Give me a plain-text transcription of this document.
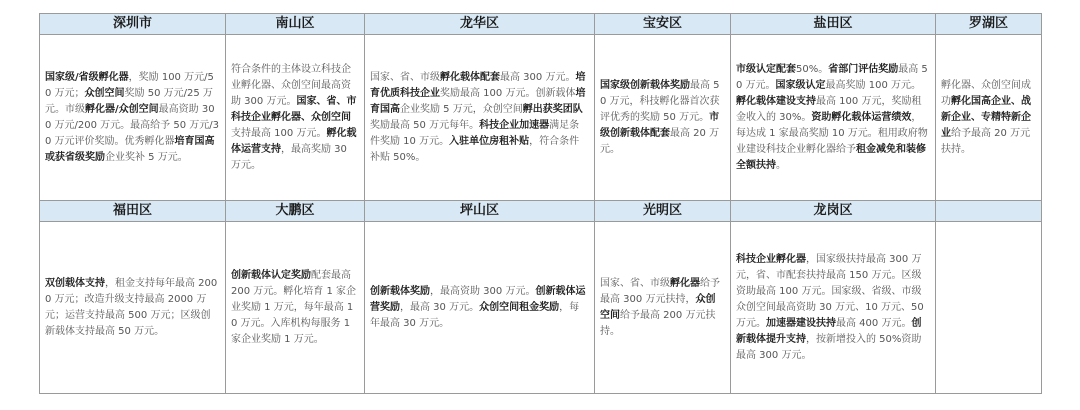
深圳市	南山区	龙华区	宝安区	盐田区	罗湖区
国家级/省级孵化器，奖励 100 万元/50 万元；众创空间奖励 50 万元/25 万元。市级孵化器/众创空间最高资助 300 万元/200 万元。最高给予 50 万元/30 万元评价奖励。优秀孵化器培育国高或获省级奖励企业奖补 5 万元。	符合条件的主体设立科技企业孵化器、众创空间最高资助 300 万元。国家、省、市科技企业孵化器、众创空间支持最高 100 万元。孵化载体运营支持，最高奖励 30 万元。	国家、省、市级孵化载体配套最高 300 万元。培育优质科技企业奖励最高 100 万元。创新载体培育国高企业奖励 5 万元，众创空间孵出获奖团队奖励最高 50 万元每年。科技企业加速器满足条件奖励 10 万元。入驻单位房租补贴，符合条件补贴 50%。	国家级创新载体奖励最高 50 万元，科技孵化器首次获评优秀的奖励 50 万元。市级创新载体配套最高 20 万元。	市级认定配套50%。省部门评估奖励最高 50 万元。国家级认定最高奖励 100 万元。孵化载体建设支持最高 100 万元，奖励租金收入的 30%。资助孵化载体运营绩效，每达成 1 家最高奖励 10 万元。租用政府物业建设科技企业孵化器给予租金减免和装修全额扶持。	孵化器、众创空间成功孵化国高企业、战新企业、专精特新企业给予最高 20 万元扶持。
福田区	大鹏区	坪山区	光明区	龙岗区	
双创载体支持，租金支持每年最高 2000 万元；改造升级支持最高 2000 万元；运营支持最高 500 万元；区级创新载体支持最高 50 万元。	创新载体认定奖励配套最高 200 万元。孵化培育 1 家企业奖励 1 万元，每年最高 10 万元。入库机构每服务 1 家企业奖励 1 万元。	创新载体奖励，最高资助 300 万元。创新载体运营奖励，最高 30 万元。众创空间租金奖励，每年最高 30 万元。	国家、省、市级孵化器给予最高 300 万元扶持，众创空间给予最高 200 万元扶持。	科技企业孵化器，国家级扶持最高 300 万元，省、市配套扶持最高 150 万元。区级资助最高 100 万元。国家级、省级、市级众创空间最高资助 30 万元、10 万元、50 万元。加速器建设扶持最高 400 万元。创新载体提升支持，按新增投入的 50%资助最高 300 万元。	
